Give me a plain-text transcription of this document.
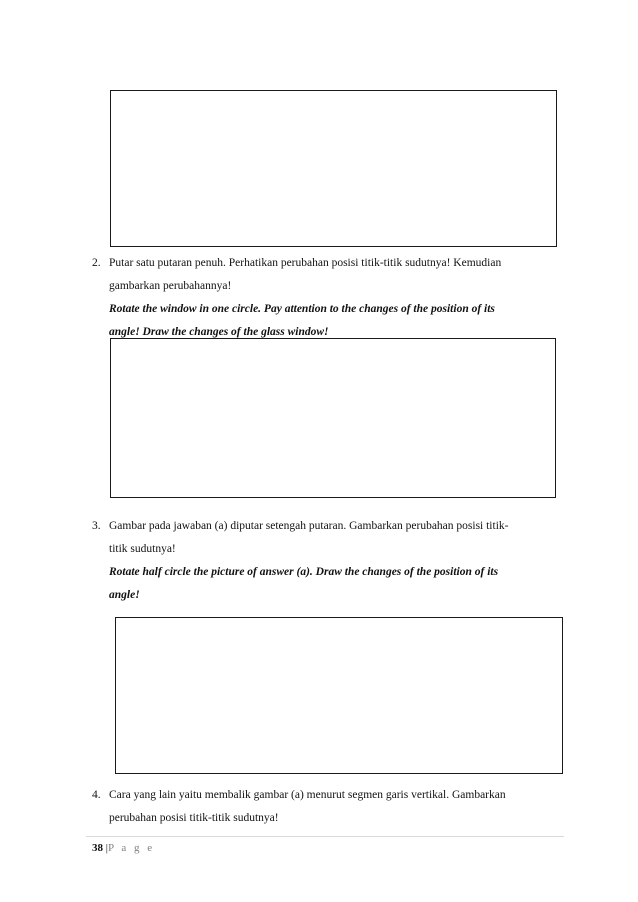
2. Putar satu putaran penuh. Perhatikan perubahan posisi titik-titik sudutnya! Kemudian
gambarkan perubahannya!
Rotate the window in one circle. Pay attention to the changes of the position of its
angle! Draw the changes of the glass window!
3. Gambar pada jawaban (a) diputar setengah putaran. Gambarkan perubahan posisi titik-
titik sudutnya!
Rotate half circle the picture of answer (a). Draw the changes of the position of its
angle!
4. Cara yang lain yaitu membalik gambar (a) menurut segmen garis vertikal. Gambarkan
perubahan posisi titik-titik sudutnya!
38 |P a g e
